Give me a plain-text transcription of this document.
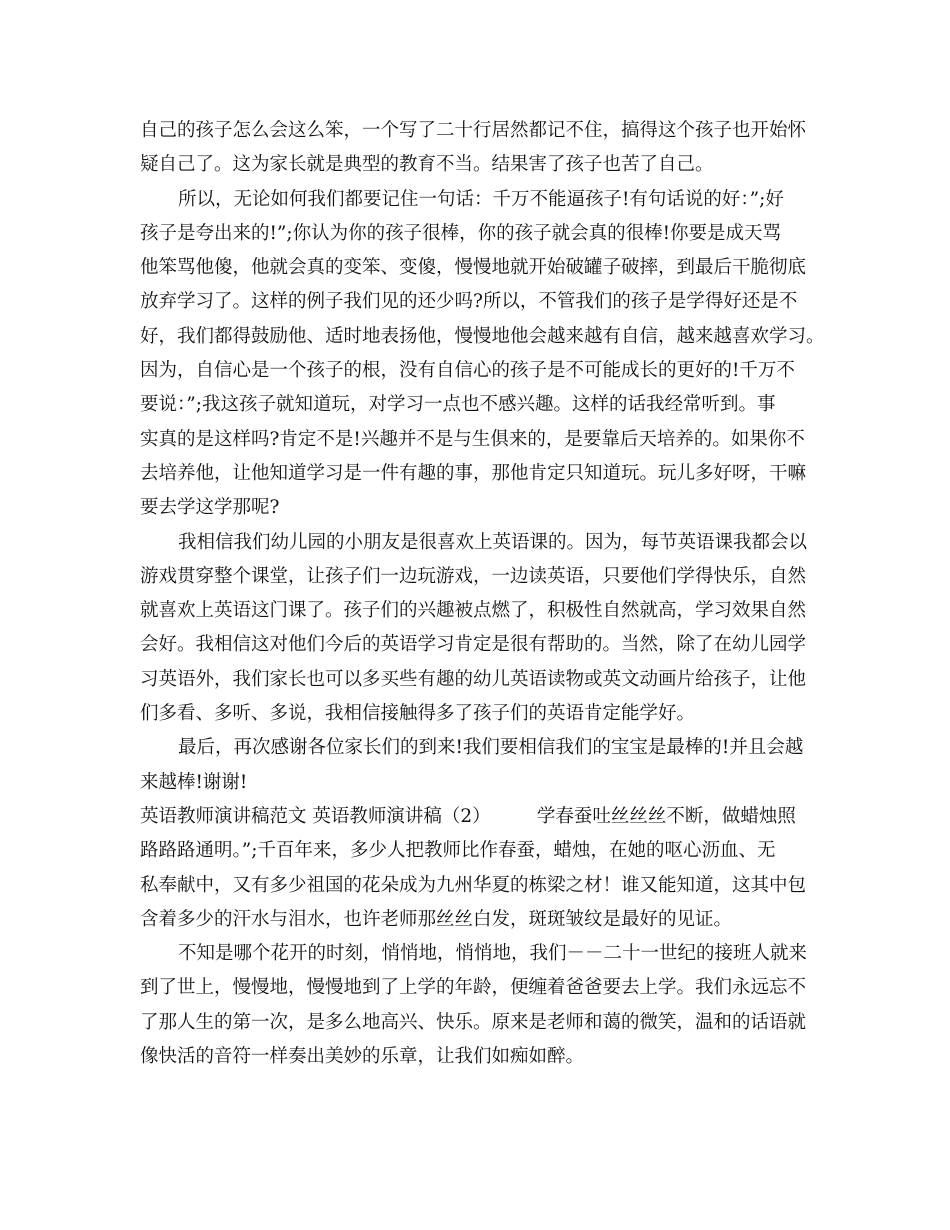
自己的孩子怎么会这么笨，一个写了二十行居然都记不住，搞得这个孩子也开始怀
疑自己了。这为家长就是典型的教育不当。结果害了孩子也苦了自己。
所以，无论如何我们都要记住一句话：千万不能逼孩子!有句话说的好：”;好
孩子是夸出来的!”;你认为你的孩子很棒，你的孩子就会真的很棒!你要是成天骂
他笨骂他傻，他就会真的变笨、变傻，慢慢地就开始破罐子破摔，到最后干脆彻底
放弃学习了。这样的例子我们见的还少吗?所以，不管我们的孩子是学得好还是不
好，我们都得鼓励他、适时地表扬他，慢慢地他会越来越有自信，越来越喜欢学习。
因为，自信心是一个孩子的根，没有自信心的孩子是不可能成长的更好的!千万不
要说：”;我这孩子就知道玩，对学习一点也不感兴趣。这样的话我经常听到。事
实真的是这样吗?肯定不是!兴趣并不是与生俱来的，是要靠后天培养的。如果你不
去培养他，让他知道学习是一件有趣的事，那他肯定只知道玩。玩儿多好呀，干嘛
要去学这学那呢?
我相信我们幼儿园的小朋友是很喜欢上英语课的。因为，每节英语课我都会以
游戏贯穿整个课堂，让孩子们一边玩游戏，一边读英语，只要他们学得快乐，自然
就喜欢上英语这门课了。孩子们的兴趣被点燃了，积极性自然就高，学习效果自然
会好。我相信这对他们今后的英语学习肯定是很有帮助的。当然，除了在幼儿园学
习英语外，我们家长也可以多买些有趣的幼儿英语读物或英文动画片给孩子，让他
们多看、多听、多说，我相信接触得多了孩子们的英语肯定能学好。
最后，再次感谢各位家长们的到来!我们要相信我们的宝宝是最棒的!并且会越
来越棒!谢谢!
英语教师演讲稿范文 英语教师演讲稿（2）　　　学春蚕吐丝丝丝不断，做蜡烛照
路路路通明。”;千百年来，多少人把教师比作春蚕，蜡烛，在她的呕心沥血、无
私奉献中，又有多少祖国的花朵成为九州华夏的栋梁之材！谁又能知道，这其中包
含着多少的汗水与泪水，也许老师那丝丝白发，斑斑皱纹是最好的见证。
不知是哪个花开的时刻，悄悄地，悄悄地，我们－－二十一世纪的接班人就来
到了世上，慢慢地，慢慢地到了上学的年龄，便缠着爸爸要去上学。我们永远忘不
了那人生的第一次，是多么地高兴、快乐。原来是老师和蔼的微笑，温和的话语就
像快活的音符一样奏出美妙的乐章，让我们如痴如醉。
